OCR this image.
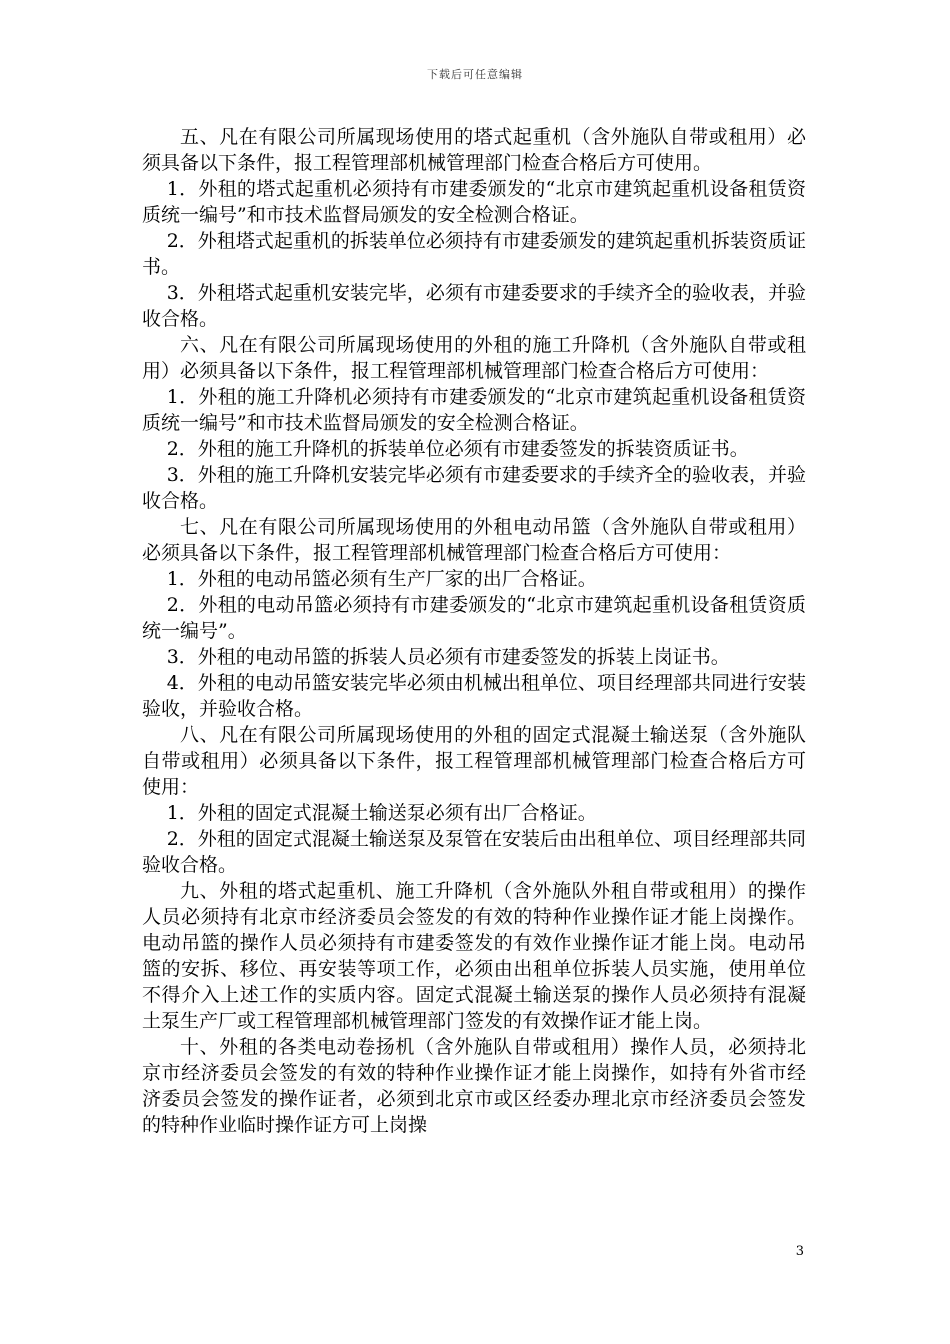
下载后可任意编辑

五、凡在有限公司所属现场使用的塔式起重机（含外施队自带或租用）必须具备以下条件，报工程管理部机械管理部门检查合格后方可使用。

1．外租的塔式起重机必须持有市建委颁发的“北京市建筑起重机设备租赁资质统一编号”和市技术监督局颁发的安全检测合格证。

2．外租塔式起重机的拆装单位必须持有市建委颁发的建筑起重机拆装资质证书。

3．外租塔式起重机安装完毕，必须有市建委要求的手续齐全的验收表，并验收合格。

六、凡在有限公司所属现场使用的外租的施工升降机（含外施队自带或租用）必须具备以下条件，报工程管理部机械管理部门检查合格后方可使用：

1．外租的施工升降机必须持有市建委颁发的“北京市建筑起重机设备租赁资质统一编号”和市技术监督局颁发的安全检测合格证。

2．外租的施工升降机的拆装单位必须有市建委签发的拆装资质证书。

3．外租的施工升降机安装完毕必须有市建委要求的手续齐全的验收表，并验收合格。

七、凡在有限公司所属现场使用的外租电动吊篮（含外施队自带或租用）必须具备以下条件，报工程管理部机械管理部门检查合格后方可使用：

1．外租的电动吊篮必须有生产厂家的出厂合格证。

2．外租的电动吊篮必须持有市建委颁发的“北京市建筑起重机设备租赁资质统一编号”。

3．外租的电动吊篮的拆装人员必须有市建委签发的拆装上岗证书。

4．外租的电动吊篮安装完毕必须由机械出租单位、项目经理部共同进行安装验收，并验收合格。

八、凡在有限公司所属现场使用的外租的固定式混凝土输送泵（含外施队自带或租用）必须具备以下条件，报工程管理部机械管理部门检查合格后方可使用：

1．外租的固定式混凝土输送泵必须有出厂合格证。

2．外租的固定式混凝土输送泵及泵管在安装后由出租单位、项目经理部共同验收合格。

九、外租的塔式起重机、施工升降机（含外施队外租自带或租用）的操作人员必须持有北京市经济委员会签发的有效的特种作业操作证才能上岗操作。电动吊篮的操作人员必须持有市建委签发的有效作业操作证才能上岗。电动吊篮的安拆、移位、再安装等项工作，必须由出租单位拆装人员实施，使用单位不得介入上述工作的实质内容。固定式混凝土输送泵的操作人员必须持有混凝土泵生产厂或工程管理部机械管理部门签发的有效操作证才能上岗。

十、外租的各类电动卷扬机（含外施队自带或租用）操作人员，必须持北京市经济委员会签发的有效的特种作业操作证才能上岗操作，如持有外省市经济委员会签发的操作证者，必须到北京市或区经委办理北京市经济委员会签发的特种作业临时操作证方可上岗操

3
